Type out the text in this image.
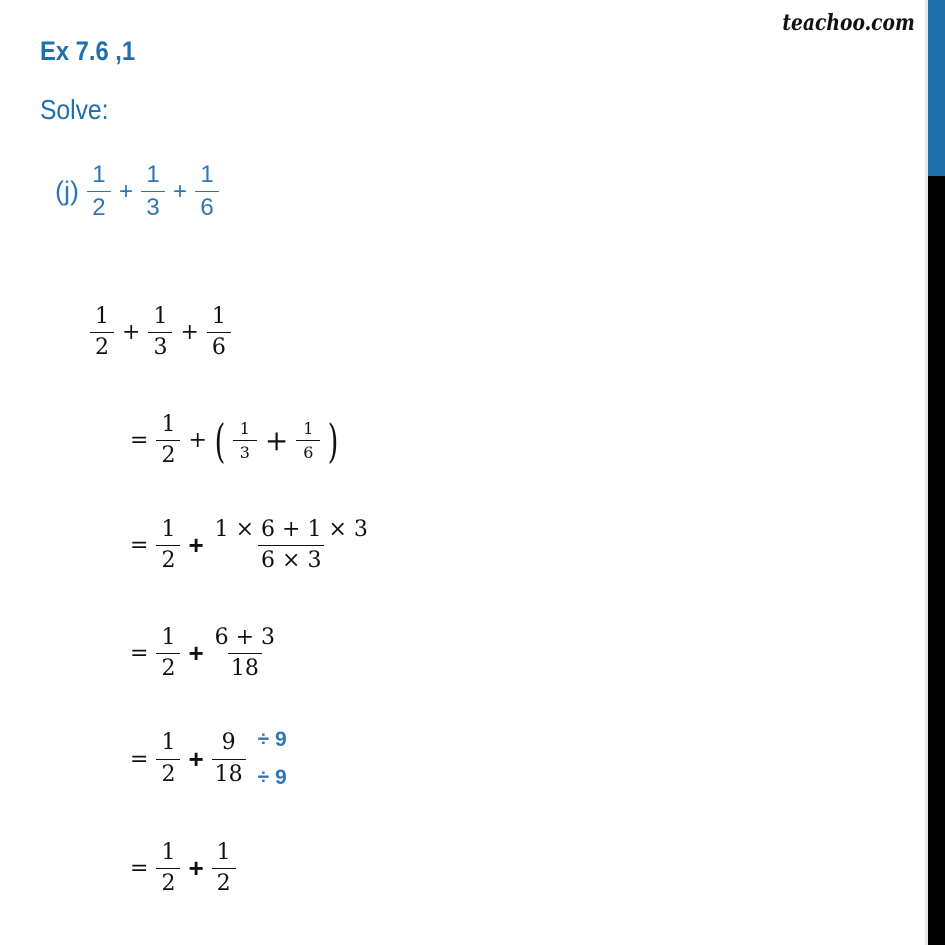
teachoo.com
Ex 7.6 ,1
Solve:
$(j) \frac{1}{2} + \frac{1}{3} + \frac{1}{6}$
$\frac{1}{2} + \frac{1}{3} + \frac{1}{6}$
= $\frac{1}{2}$ + ( $\frac{1}{3} + \frac{1}{6}$ )
= $\frac{1}{2} + \frac{1 \times 6 + 1 \times 3}{6 \times 3}$
= $\frac{1}{2} + \frac{6 + 3}{18}$
= $\frac{1}{2} + \frac{9}{18} \div 9$
÷ 9
= $\frac{1}{2} + \frac{1}{2}$
